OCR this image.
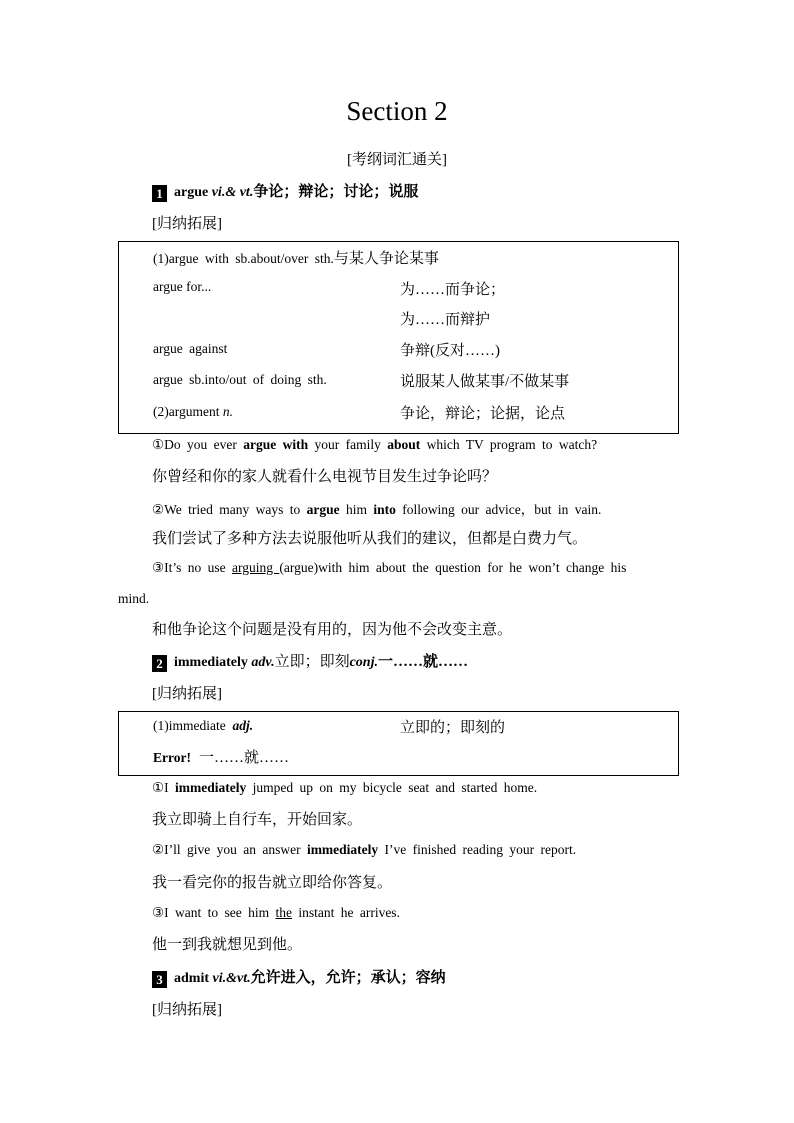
Section 2
[考纲词汇通关]
1 argue vi.& vt.争论；辩论；讨论；说服
[归纳拓展]
(1)argue with sb.about/over sth.与某人争论某事
argue for...	为……而争论；
为……而辩护
argue against	争辩(反对……)
argue sb.into/out of doing sth.	说服某人做某事/不做某事
(2)argument n.	争论，辩论；论据，论点
①Do you ever argue with your family about which TV program to watch?
你曾经和你的家人就看什么电视节目发生过争论吗？
②We tried many ways to argue him into following our advice，but in vain.
我们尝试了多种方法去说服他听从我们的建议，但都是白费力气。
③It’s no use arguing (argue)with him about the question for he won’t change his
mind.
和他争论这个问题是没有用的，因为他不会改变主意。
2 immediately adv.立即；即刻conj.一……就……
[归纳拓展]
(1)immediate adj.	立即的；即刻的
Error! 一……就……
①I immediately jumped up on my bicycle seat and started home.
我立即骑上自行车，开始回家。
②I’ll give you an answer immediately I’ve finished reading your report.
我一看完你的报告就立即给你答复。
③I want to see him the instant he arrives.
他一到我就想见到他。
3 admit vi.&vt.允许进入，允许；承认；容纳
[归纳拓展]
